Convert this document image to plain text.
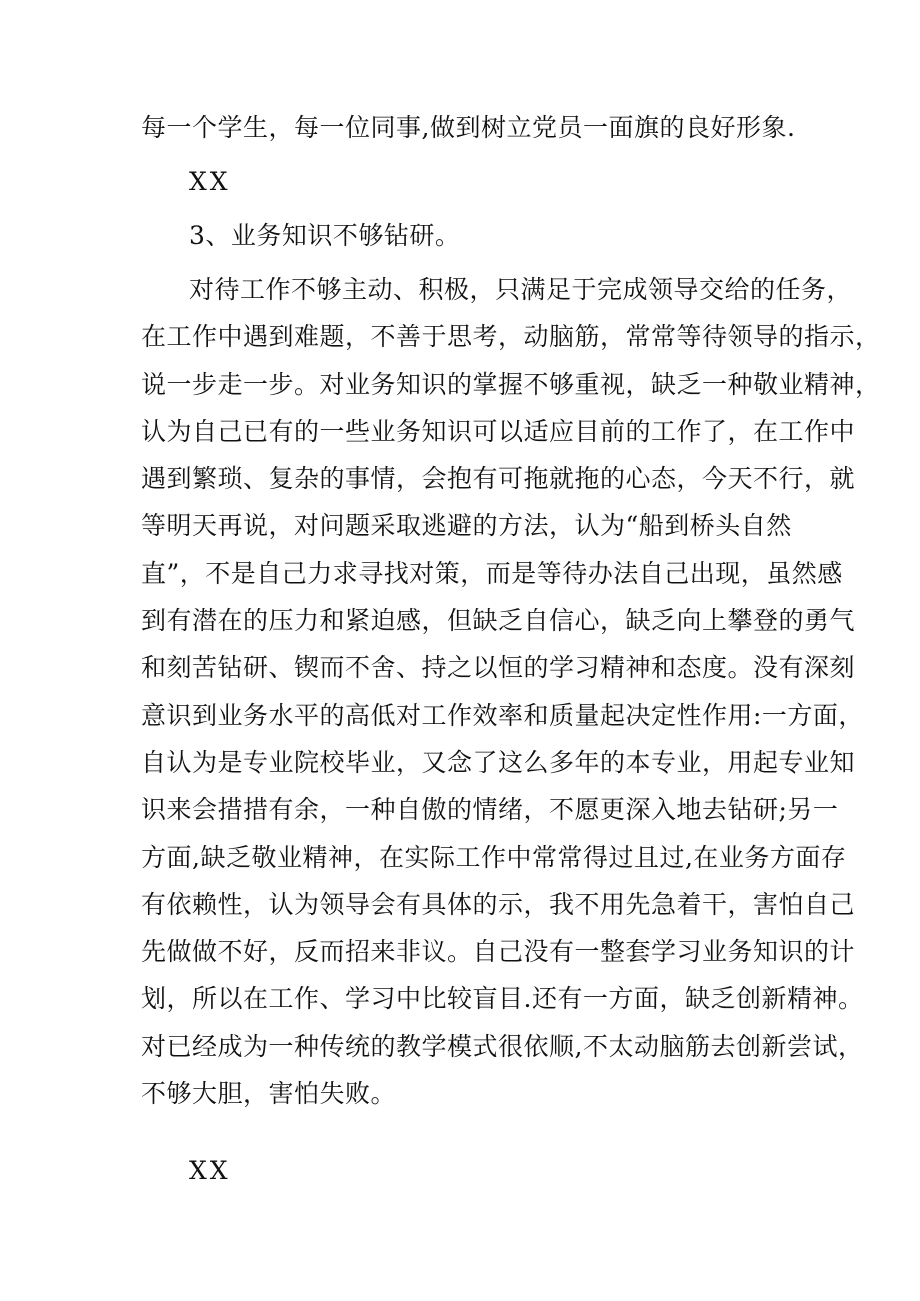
每一个学生，每一位同事,做到树立党员一面旗的良好形象.
XX
3、业务知识不够钻研。
对待工作不够主动、积极，只满足于完成领导交给的任务，
在工作中遇到难题，不善于思考，动脑筋，常常等待领导的指示，
说一步走一步。对业务知识的掌握不够重视，缺乏一种敬业精神，
认为自己已有的一些业务知识可以适应目前的工作了，在工作中
遇到繁琐、复杂的事情，会抱有可拖就拖的心态，今天不行，就
等明天再说，对问题采取逃避的方法，认为“船到桥头自然
直”，不是自己力求寻找对策，而是等待办法自己出现，虽然感
到有潜在的压力和紧迫感，但缺乏自信心，缺乏向上攀登的勇气
和刻苦钻研、锲而不舍、持之以恒的学习精神和态度。没有深刻
意识到业务水平的高低对工作效率和质量起决定性作用:一方面，
自认为是专业院校毕业，又念了这么多年的本专业，用起专业知
识来会措措有余，一种自傲的情绪，不愿更深入地去钻研;另一
方面,缺乏敬业精神，在实际工作中常常得过且过,在业务方面存
有依赖性，认为领导会有具体的示，我不用先急着干，害怕自己
先做做不好，反而招来非议。自己没有一整套学习业务知识的计
划，所以在工作、学习中比较盲目.还有一方面，缺乏创新精神。
对已经成为一种传统的教学模式很依顺,不太动脑筋去创新尝试，
不够大胆，害怕失败。
XX
